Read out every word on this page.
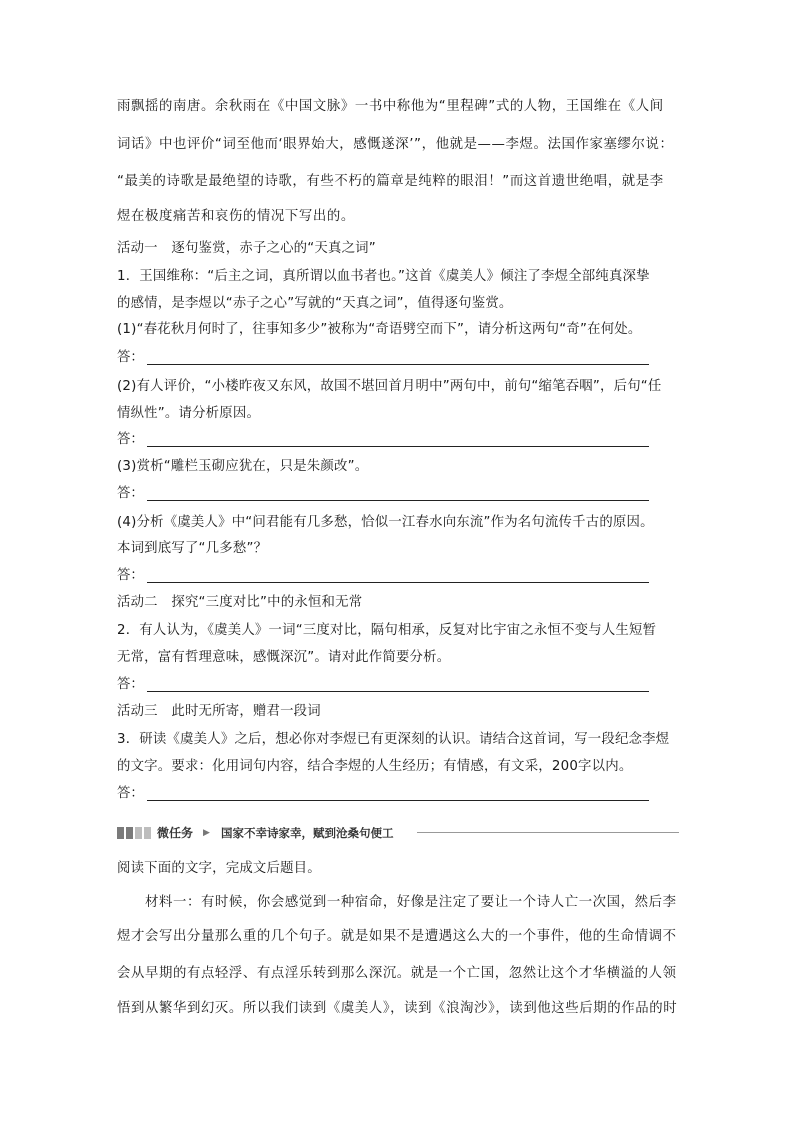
雨飘摇的南唐。余秋雨在《中国文脉》一书中称他为“里程碑”式的人物，王国维在《人间
词话》中也评价“词至他而‘眼界始大，感慨遂深’”，他就是——李煜。法国作家塞缪尔说：
“最美的诗歌是最绝望的诗歌，有些不朽的篇章是纯粹的眼泪！”而这首遗世绝唱，就是李
煜在极度痛苦和哀伤的情况下写出的。
活动一　逐句鉴赏，赤子之心的“天真之词”
1．王国维称：“后主之词，真所谓以血书者也。”这首《虞美人》倾注了李煜全部纯真深挚
的感情，是李煜以“赤子之心”写就的“天真之词”，值得逐句鉴赏。
(1)“春花秋月何时了，往事知多少”被称为“奇语劈空而下”，请分析这两句“奇”在何处。
答：
(2)有人评价，“小楼昨夜又东风，故国不堪回首月明中”两句中，前句“缩笔吞咽”，后句“任
情纵性”。请分析原因。
答：
(3)赏析“雕栏玉砌应犹在，只是朱颜改”。
答：
(4)分析《虞美人》中“问君能有几多愁，恰似一江春水向东流”作为名句流传千古的原因。
本词到底写了“几多愁”？
答：
活动二　探究“三度对比”中的永恒和无常
2．有人认为，《虞美人》一词“三度对比，隔句相承，反复对比宇宙之永恒不变与人生短暂
无常，富有哲理意味，感慨深沉”。请对此作简要分析。
答：
活动三　此时无所寄，赠君一段词
3．研读《虞美人》之后，想必你对李煜已有更深刻的认识。请结合这首词，写一段纪念李煜
的文字。要求：化用词句内容，结合李煜的人生经历；有情感，有文采，200字以内。
答：
微任务 ▶ 国家不幸诗家幸，赋到沧桑句便工
阅读下面的文字，完成文后题目。
　　材料一：有时候，你会感觉到一种宿命，好像是注定了要让一个诗人亡一次国，然后李
煜才会写出分量那么重的几个句子。就是如果不是遭遇这么大的一个事件，他的生命情调不
会从早期的有点轻浮、有点淫乐转到那么深沉。就是一个亡国，忽然让这个才华横溢的人领
悟到从繁华到幻灭。所以我们读到《虞美人》，读到《浪淘沙》，读到他这些后期的作品的时
